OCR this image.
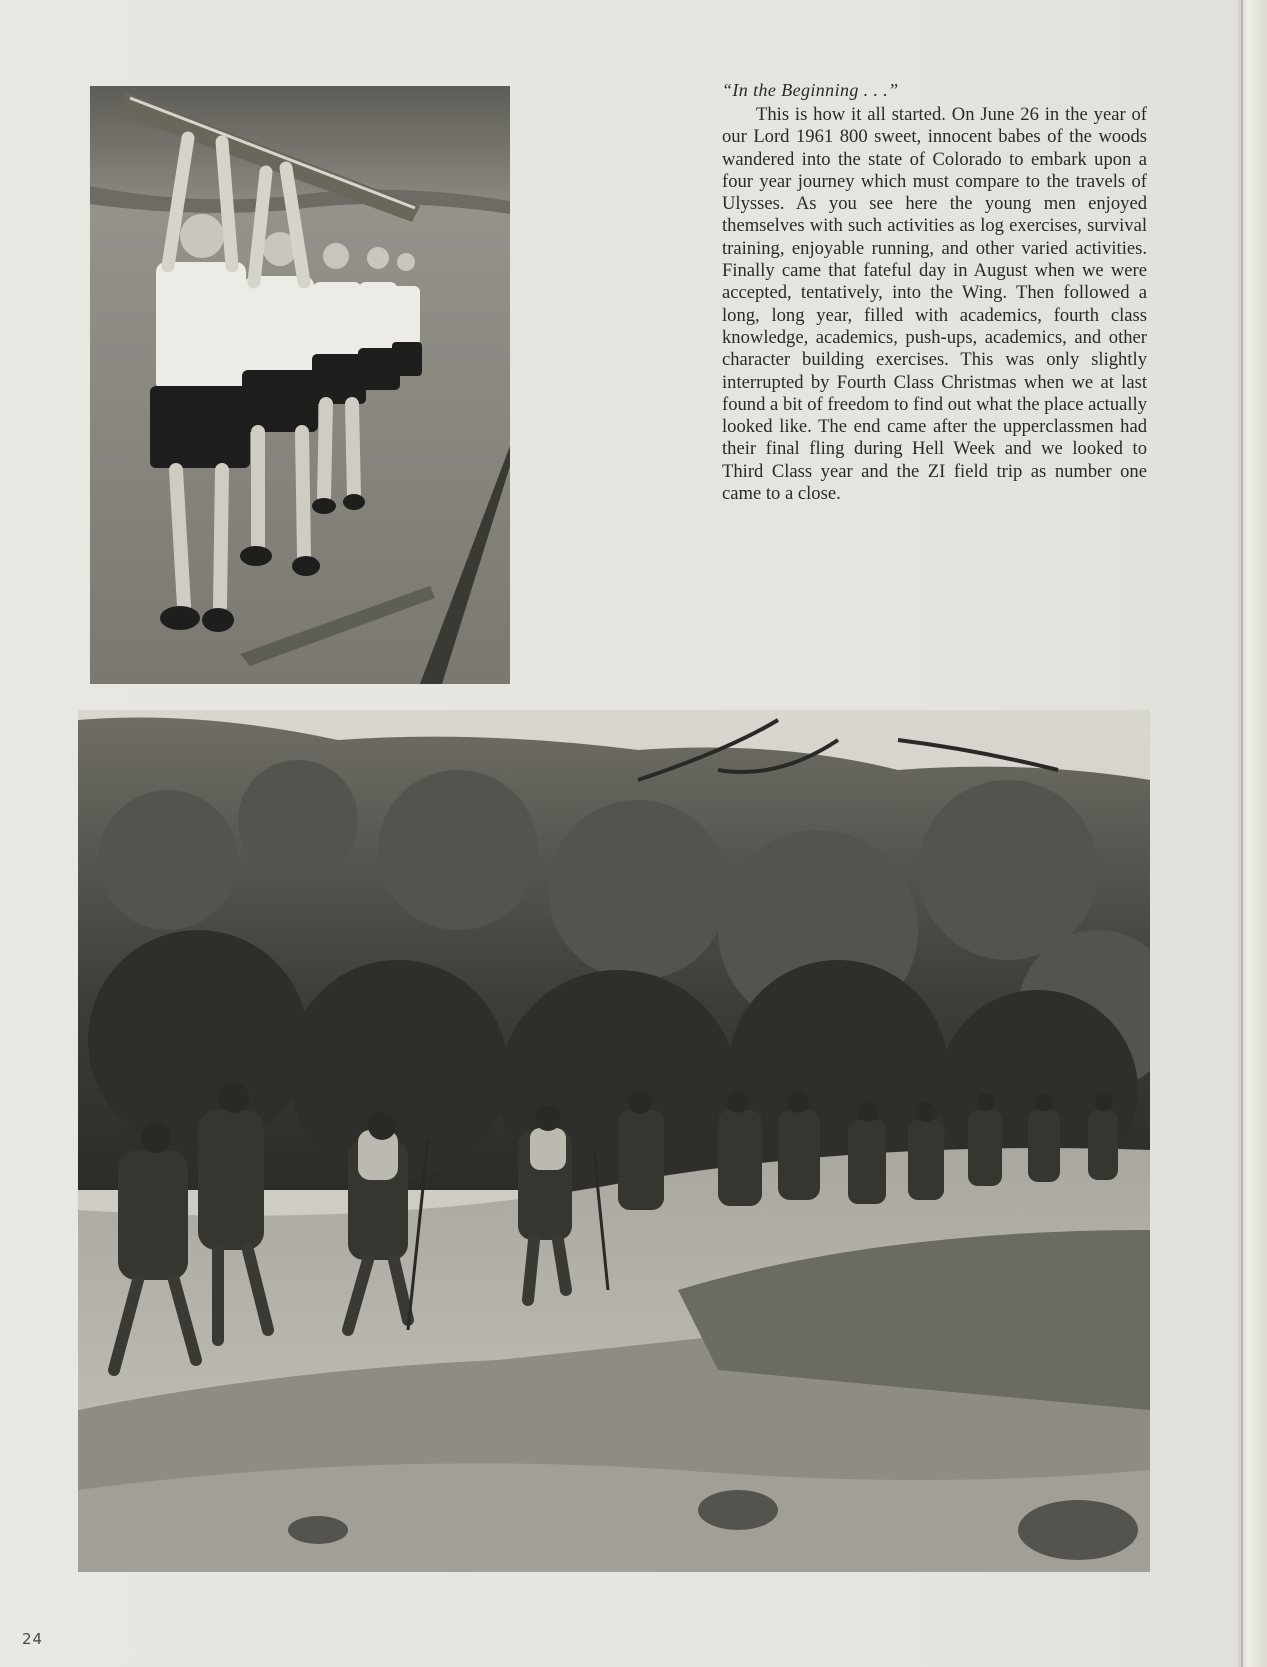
“In the Beginning . . .”

This is how it all started. On June 26 in the year of our Lord 1961 800 sweet, innocent babes of the woods wandered into the state of Colorado to embark upon a four year journey which must compare to the travels of Ulysses. As you see here the young men enjoyed themselves with such activities as log exercises, survival training, enjoyable running, and other varied activities. Finally came that fateful day in August when we were accepted, tentatively, into the Wing. Then followed a long, long year, filled with academics, fourth class knowledge, academics, push-ups, academics, and other character building exercises. This was only slightly interrupted by Fourth Class Christmas when we at last found a bit of freedom to find out what the place actually looked like. The end came after the upperclassmen had their final fling during Hell Week and we looked to Third Class year and the ZI field trip as number one came to a close.

24
